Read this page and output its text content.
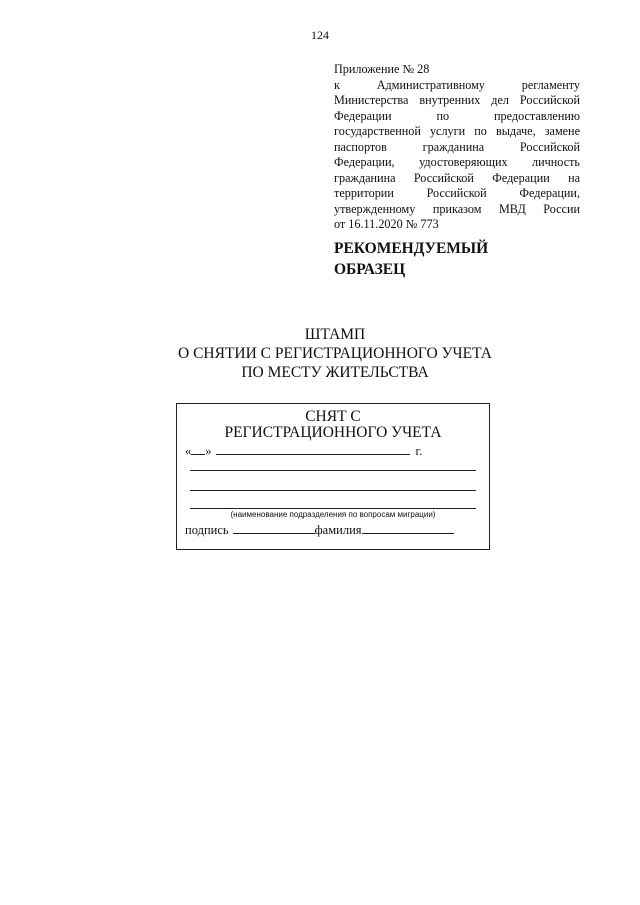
124
Приложение № 28
к Административному регламенту
Министерства внутренних дел Российской
Федерации по предоставлению
государственной услуги по выдаче, замене
паспортов гражданина Российской
Федерации, удостоверяющих личность
гражданина Российской Федерации на
территории Российской Федерации,
утвержденному приказом МВД России
от 16.11.2020 № 773
РЕКОМЕНДУЕМЫЙ
ОБРАЗЕЦ
ШТАМП
О СНЯТИИ С РЕГИСТРАЦИОННОГО УЧЕТА
ПО МЕСТУ ЖИТЕЛЬСТВА
СНЯТ С
РЕГИСТРАЦИОННОГО УЧЕТА
« »	г.
(наименование подразделения по вопросам миграции)
подпись	фамилия
